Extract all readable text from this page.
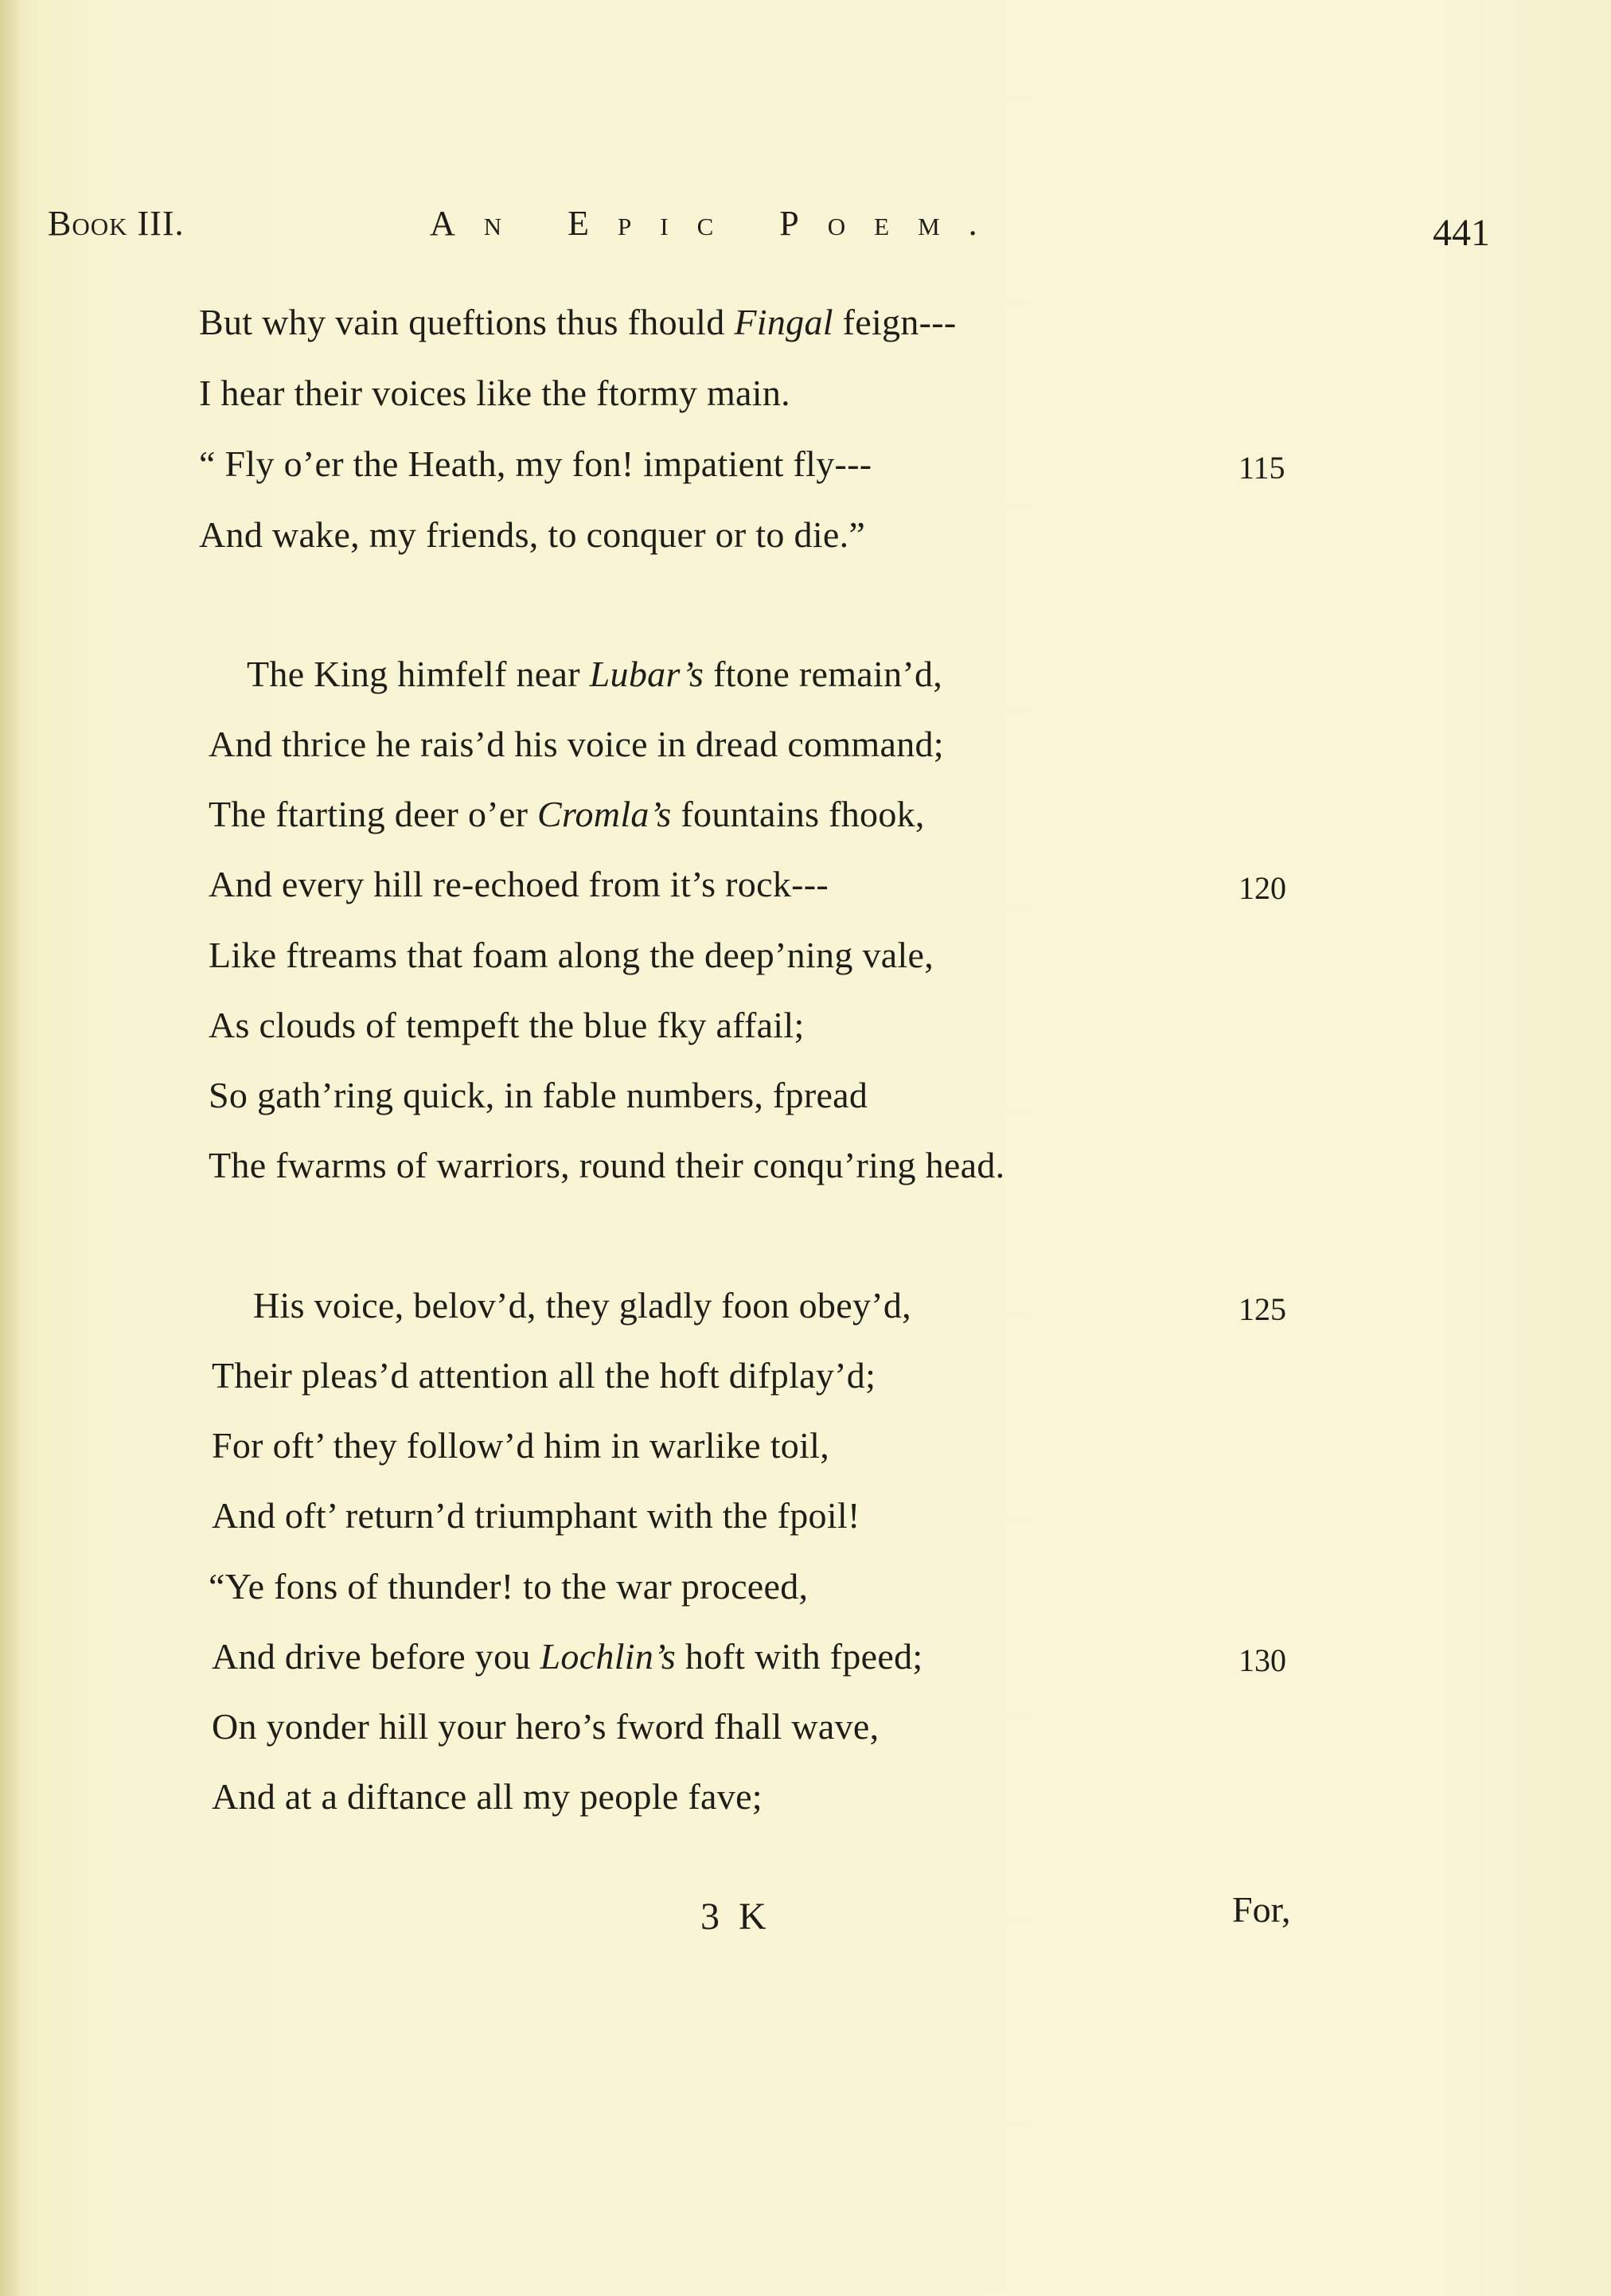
Book III.	An Epic Poem.	441
But why vain queftions thus fhould Fingal feign---
I hear their voices like the ftormy main.
“ Fly o’er the Heath, my fon! impatient fly---	115
And wake, my friends, to conquer or to die.”
The King himfelf near Lubar’s ftone remain’d,
And thrice he rais’d his voice in dread command;
The ftarting deer o’er Cromla’s fountains fhook,
And every hill re-echoed from it’s rock---	120
Like ftreams that foam along the deep’ning vale,
As clouds of tempeft the blue fky affail;
So gath’ring quick, in fable numbers, fpread
The fwarms of warriors, round their conqu’ring head.
His voice, belov’d, they gladly foon obey’d,	125
Their pleas’d attention all the hoft difplay’d;
For oft’ they follow’d him in warlike toil,
And oft’ return’d triumphant with the fpoil!
“Ye fons of thunder! to the war proceed,
And drive before you Lochlin’s hoft with fpeed;	130
On yonder hill your hero’s fword fhall wave,
And at a diftance all my people fave;
3 K	For,
